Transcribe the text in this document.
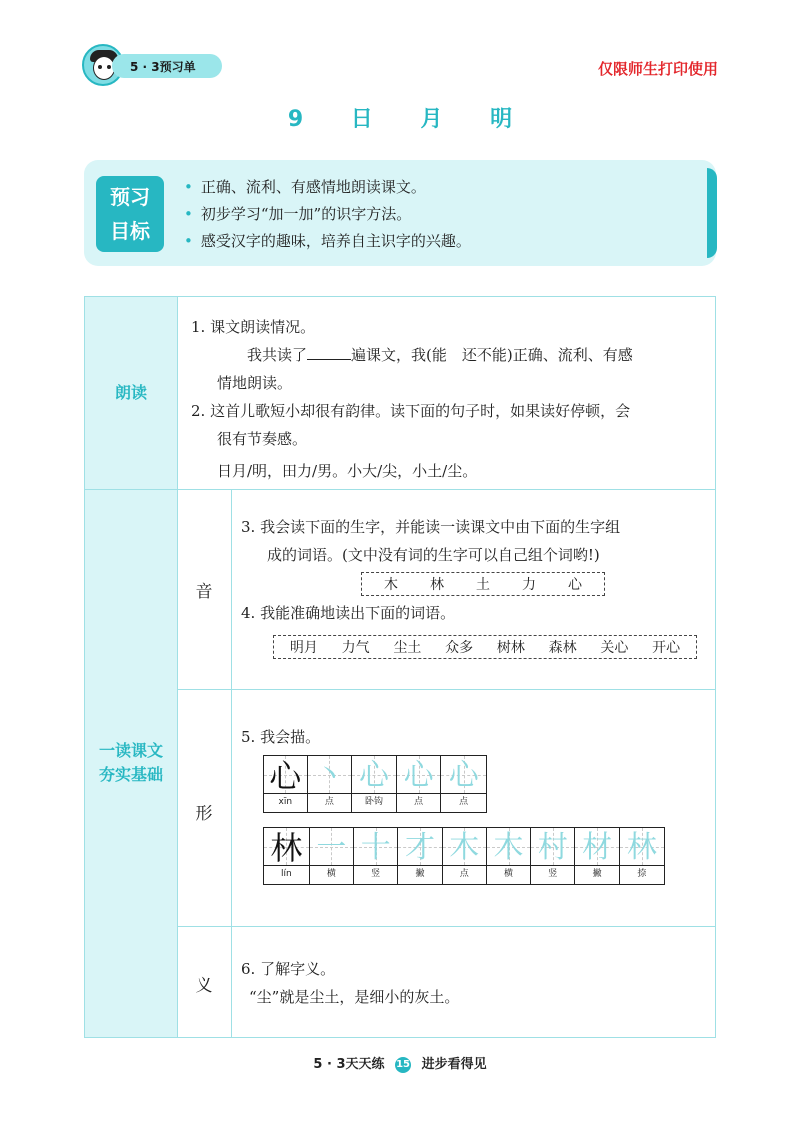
5 · 3预习单	仅限师生打印使用
9 日 月 明
预习
目标
• 正确、流利、有感情地朗读课文。
• 初步学习“加一加”的识字方法。
• 感受汉字的趣味，培养自主识字的兴趣。
朗读
一读课文
夯实基础
音
形
义
1. 课文朗读情况。
我共读了	遍课文，我(能　还不能)正确、流利、有感
情地朗读。
2. 这首儿歌短小却很有韵律。读下面的句子时，如果读好停顿，会
很有节奏感。
日月/明，田力/男。小大/尖，小土/尘。
3. 我会读下面的生字，并能读一读课文中由下面的生字组
成的词语。(文中没有词的生字可以自己组个词哟!)
木 林 土 力 心
4. 我能准确地读出下面的词语。
明月 力气 尘土 众多 树林 森林 关心 开心
5. 我会描。
心
xīn
丶
点
心
卧钩
心
点
心
点
林
lín
一
横
十
竖
才
撇
木
点
木
横
村
竖
材
撇
林
捺
6. 了解字义。
“尘”就是尘土，是细小的灰土。
5 · 3天天练 15 进步看得见
